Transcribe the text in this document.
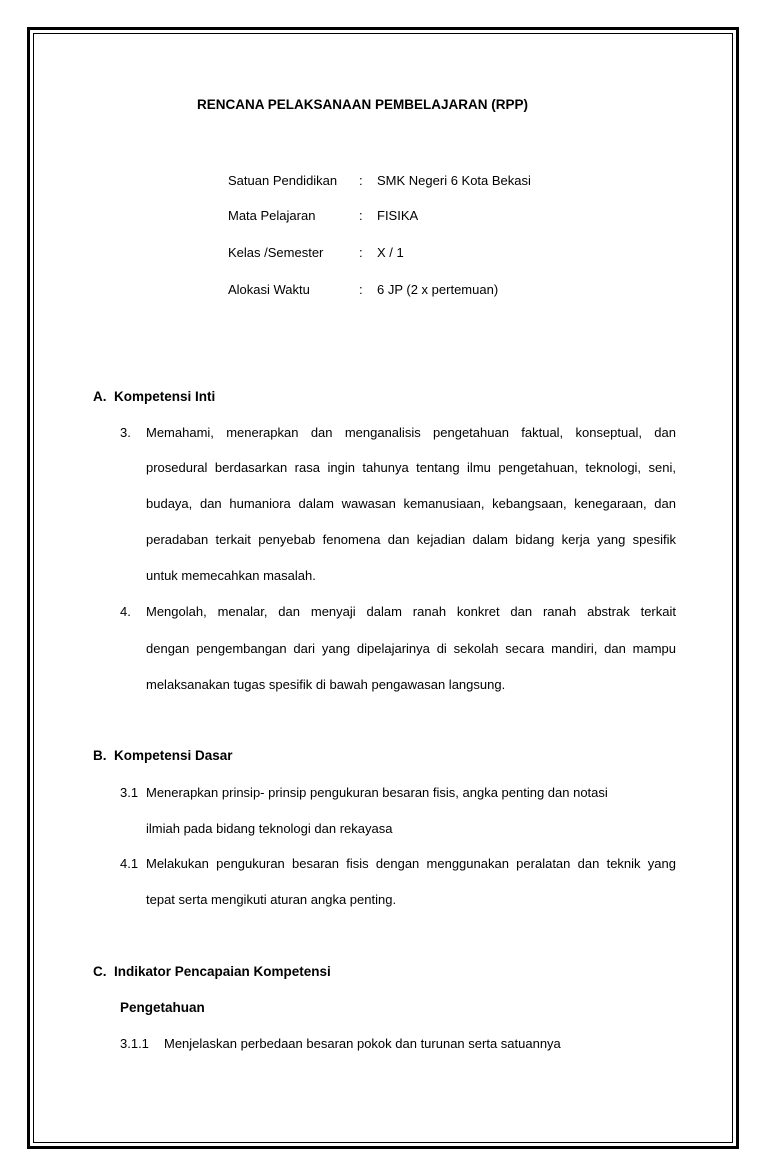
RENCANA PELAKSANAAN PEMBELAJARAN (RPP)
Satuan Pendidikan : SMK Negeri 6 Kota Bekasi
Mata Pelajaran	: FISIKA
Kelas /Semester	: X / 1
Alokasi Waktu	: 6 JP (2 x pertemuan)
A.  Kompetensi Inti
3. Memahami, menerapkan dan menganalisis pengetahuan faktual, konseptual, dan
prosedural berdasarkan rasa ingin tahunya tentang ilmu pengetahuan, teknologi, seni,
budaya, dan humaniora dalam wawasan kemanusiaan, kebangsaan, kenegaraan, dan
peradaban terkait penyebab fenomena dan kejadian dalam bidang kerja yang spesifik
untuk memecahkan masalah.
4. Mengolah, menalar, dan menyaji dalam ranah konkret dan ranah abstrak terkait
dengan pengembangan dari yang dipelajarinya di sekolah secara mandiri, dan mampu
melaksanakan tugas spesifik di bawah pengawasan langsung.
B.  Kompetensi Dasar
3.1 Menerapkan prinsip- prinsip pengukuran besaran fisis, angka penting dan notasi
ilmiah pada bidang teknologi dan rekayasa
4.1 Melakukan pengukuran besaran fisis dengan menggunakan peralatan dan teknik yang
tepat serta mengikuti aturan angka penting.
C.  Indikator Pencapaian Kompetensi
Pengetahuan
3.1.1 Menjelaskan perbedaan besaran pokok dan turunan serta satuannya
